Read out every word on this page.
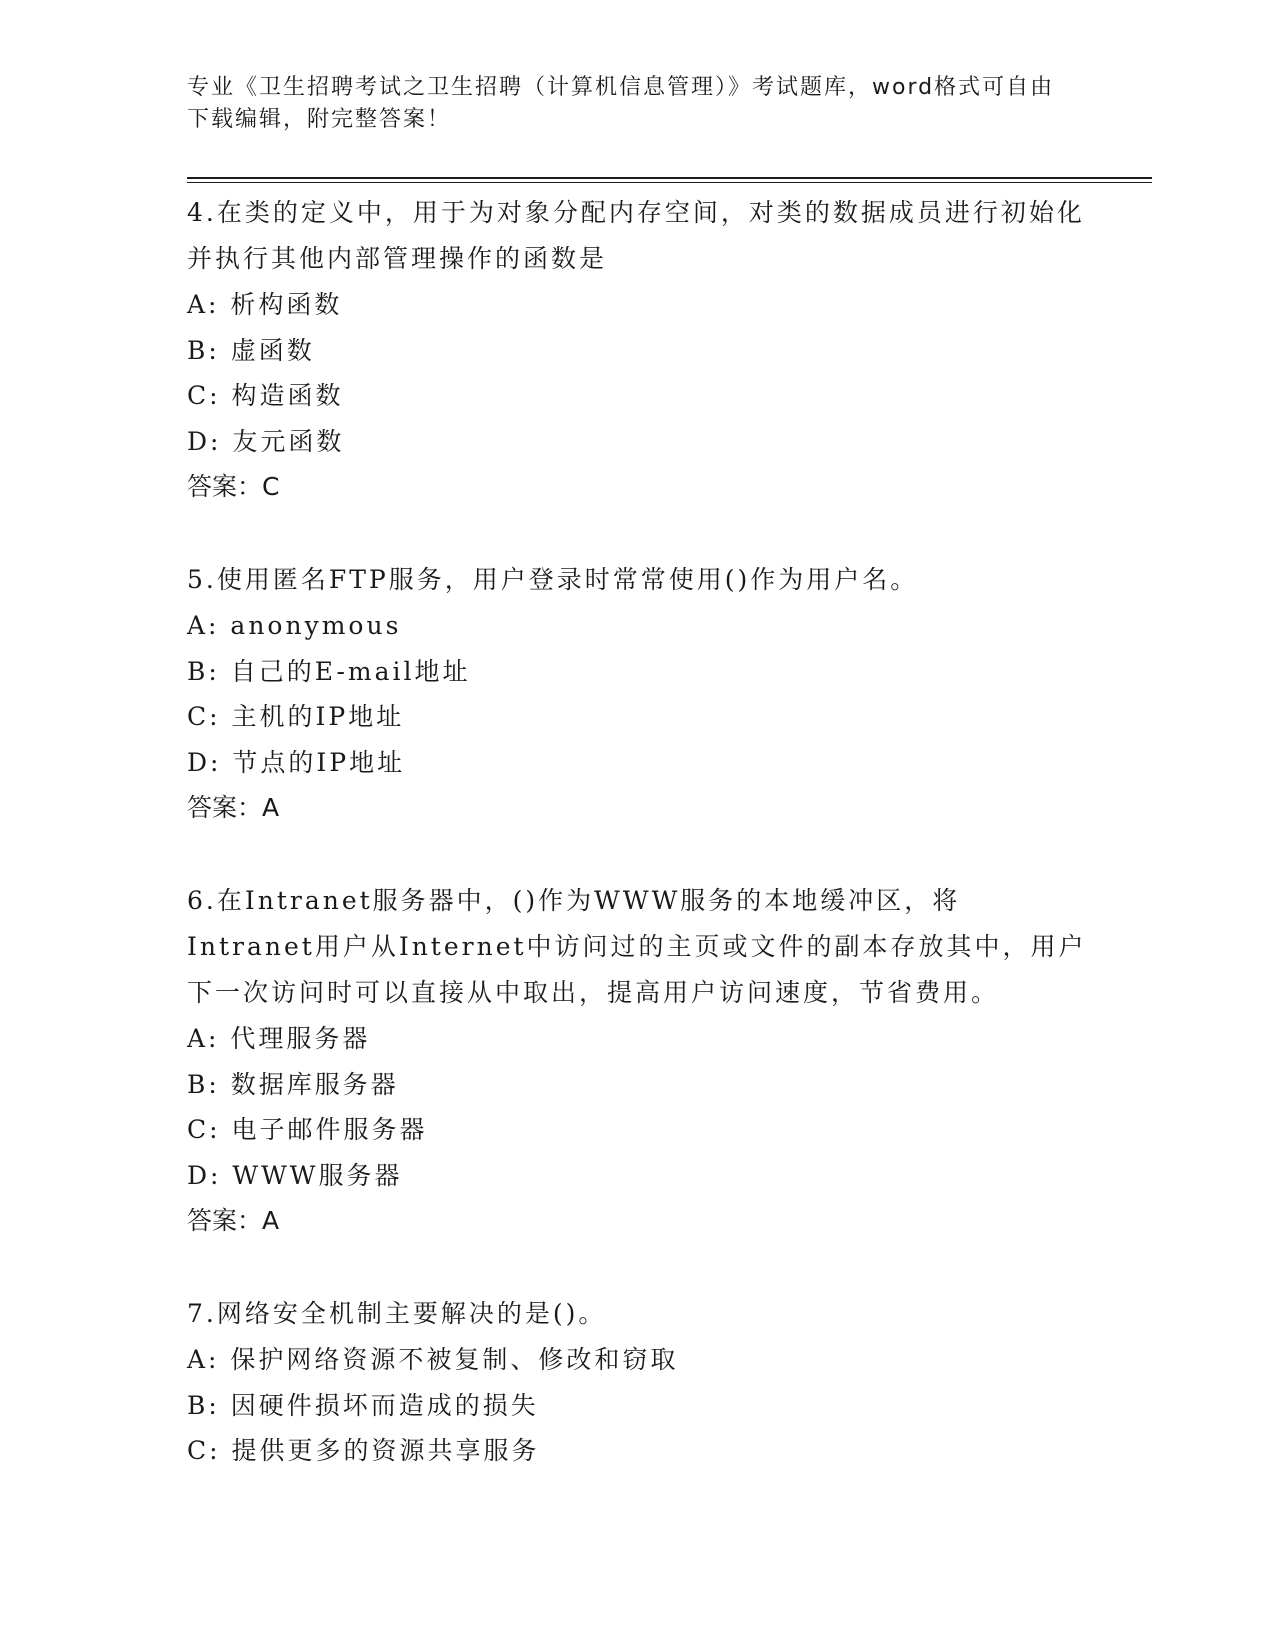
专业《卫生招聘考试之卫生招聘（计算机信息管理）》考试题库，word格式可自由下载编辑，附完整答案！
4.在类的定义中，用于为对象分配内存空间，对类的数据成员进行初始化并执行其他内部管理操作的函数是
A: 析构函数
B: 虚函数
C: 构造函数
D: 友元函数
答案：C
5.使用匿名FTP服务，用户登录时常常使用()作为用户名。
A: anonymous
B: 自己的E-mail地址
C: 主机的IP地址
D: 节点的IP地址
答案：A
6.在Intranet服务器中，()作为WWW服务的本地缓冲区，将Intranet用户从Internet中访问过的主页或文件的副本存放其中，用户下一次访问时可以直接从中取出，提高用户访问速度，节省费用。
A: 代理服务器
B: 数据库服务器
C: 电子邮件服务器
D: WWW服务器
答案：A
7.网络安全机制主要解决的是()。
A: 保护网络资源不被复制、修改和窃取
B: 因硬件损坏而造成的损失
C: 提供更多的资源共享服务
